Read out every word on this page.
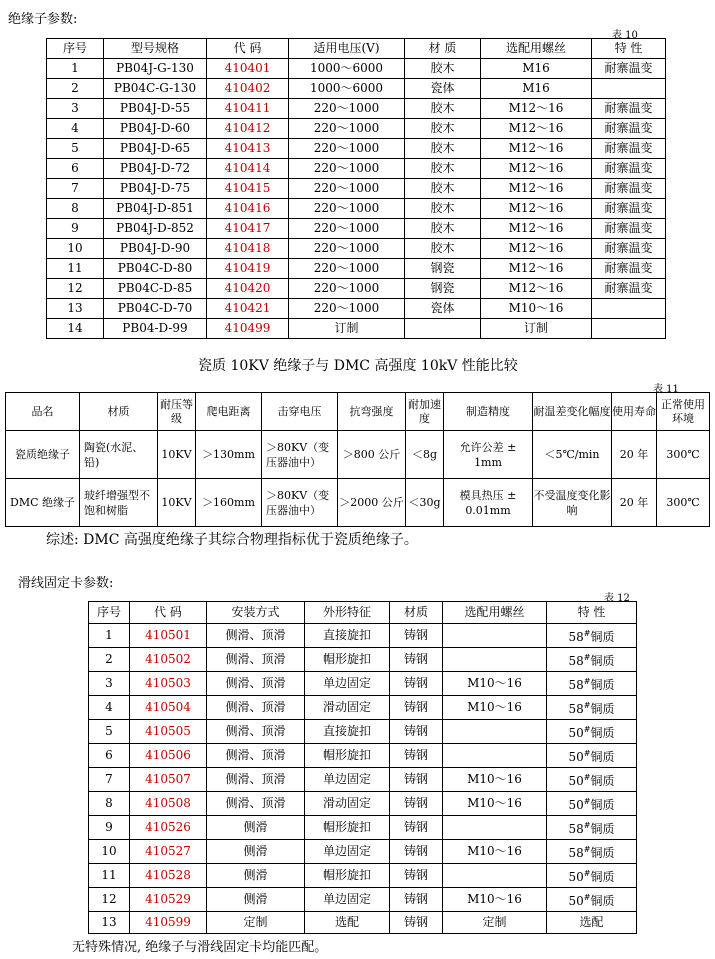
绝缘子参数:
表 10
序号	型号规格	代 码	适用电压(V)	材 质	选配用螺丝	特 性
1	PB04J-G-130	410401	1000～6000	胶木	M16	耐寨温变
2	PB04C-G-130	410402	1000～6000	瓷体	M16	
3	PB04J-D-55	410411	220～1000	胶木	M12～16	耐寨温变
4	PB04J-D-60	410412	220～1000	胶木	M12～16	耐寨温变
5	PB04J-D-65	410413	220～1000	胶木	M12～16	耐寨温变
6	PB04J-D-72	410414	220～1000	胶木	M12～16	耐寨温变
7	PB04J-D-75	410415	220～1000	胶木	M12～16	耐寨温变
8	PB04J-D-851	410416	220～1000	胶木	M12～16	耐寨温变
9	PB04J-D-852	410417	220～1000	胶木	M12～16	耐寨温变
10	PB04J-D-90	410418	220～1000	胶木	M12～16	耐寨温变
11	PB04C-D-80	410419	220～1000	钢瓷	M12～16	耐寨温变
12	PB04C-D-85	410420	220～1000	钢瓷	M12～16	耐寨温变
13	PB04C-D-70	410421	220～1000	瓷体	M10～16	
14	PB04-D-99	410499	订制		订制	
瓷质 10KV 绝缘子与 DMC 高强度 10kV 性能比较
表 11
品名	材质	耐压等级	爬电距离	击穿电压	抗弯强度	耐加速度	制造精度	耐温差变化幅度	使用寿命	正常使用环境
瓷质绝缘子	陶瓷(水泥、铅)	10KV	＞130mm	＞80KV（变压器油中）	＞800 公斤	＜8g	允许公差 ± 1mm	＜5℃/min	20 年	300℃
DMC 绝缘子	玻纤增强型不饱和树脂	10KV	＞160mm	＞80KV（变压器油中）	＞2000 公斤	＜30g	模具热压 ± 0.01mm	不受温度变化影响	20 年	300℃
综述: DMC 高强度绝缘子其综合物理指标优于瓷质绝缘子。
滑线固定卡参数:
表 12
序号	代 码	安装方式	外形特征	材质	选配用螺丝	特 性
1	410501	侧滑、顶滑	直接旋扣	铸钢		58#铜质
2	410502	侧滑、顶滑	帽形旋扣	铸钢		58#铜质
3	410503	侧滑、顶滑	单边固定	铸钢	M10～16	58#铜质
4	410504	侧滑、顶滑	滑动固定	铸钢	M10～16	58#铜质
5	410505	侧滑、顶滑	直接旋扣	铸钢		50#铜质
6	410506	侧滑、顶滑	帽形旋扣	铸钢		50#铜质
7	410507	侧滑、顶滑	单边固定	铸钢	M10～16	50#铜质
8	410508	侧滑、顶滑	滑动固定	铸钢	M10～16	50#铜质
9	410526	侧滑	帽形旋扣	铸钢		58#铜质
10	410527	侧滑	单边固定	铸钢	M10～16	58#铜质
11	410528	侧滑	帽形旋扣	铸钢		50#铜质
12	410529	侧滑	单边固定	铸钢	M10～16	50#铜质
13	410599	定制	选配	铸钢	定制	选配
无特殊情况, 绝缘子与滑线固定卡均能匹配。
